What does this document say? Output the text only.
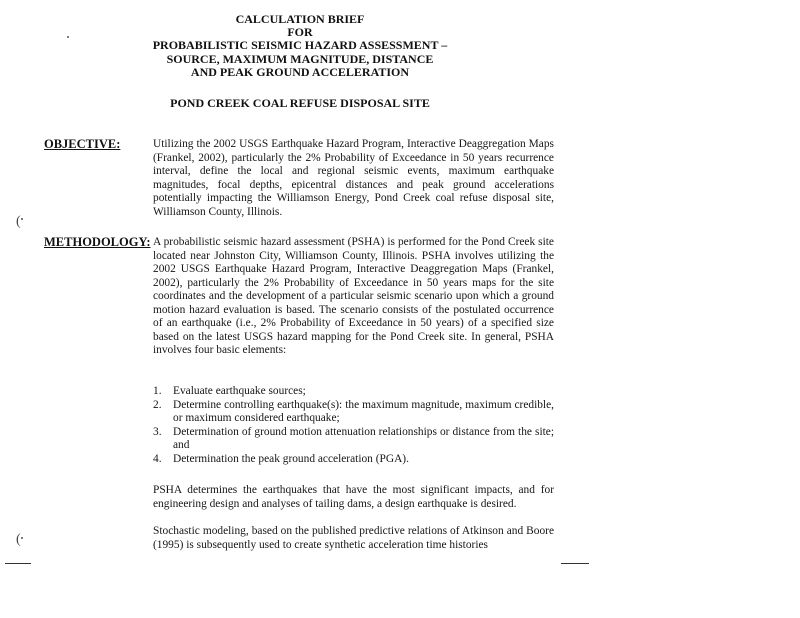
CALCULATION BRIEF
FOR
PROBABILISTIC SEISMIC HAZARD ASSESSMENT –
SOURCE, MAXIMUM MAGNITUDE, DISTANCE
AND PEAK GROUND ACCELERATION
POND CREEK COAL REFUSE DISPOSAL SITE
OBJECTIVE:	Utilizing the 2002 USGS Earthquake Hazard Program, Interactive Deaggregation Maps (Frankel, 2002), particularly the 2% Probability of Exceedance in 50 years recurrence interval, define the local and regional seismic events, maximum earthquake magnitudes, focal depths, epicentral distances and peak ground accelerations potentially impacting the Williamson Energy, Pond Creek coal refuse disposal site, Williamson County, Illinois.

METHODOLOGY: A probabilistic seismic hazard assessment (PSHA) is performed for the Pond Creek site located near Johnston City, Williamson County, Illinois. PSHA involves utilizing the 2002 USGS Earthquake Hazard Program, Interactive Deaggregation Maps (Frankel, 2002), particularly the 2% Probability of Exceedance in 50 years maps for the site coordinates and the development of a particular seismic scenario upon which a ground motion hazard evaluation is based. The scenario consists of the postulated occurrence of an earthquake (i.e., 2% Probability of Exceedance in 50 years) of a specified size based on the latest USGS hazard mapping for the Pond Creek site. In general, PSHA involves four basic elements:

1.	Evaluate earthquake sources;
2.	Determine controlling earthquake(s): the maximum magnitude, maximum credible, or maximum considered earthquake;
3.	Determination of ground motion attenuation relationships or distance from the site; and
4.	Determination the peak ground acceleration (PGA).

PSHA determines the earthquakes that have the most significant impacts, and for engineering design and analyses of tailing dams, a design earthquake is desired.

Stochastic modeling, based on the published predictive relations of Atkinson and Boore (1995) is subsequently used to create synthetic acceleration time histories

(
(
